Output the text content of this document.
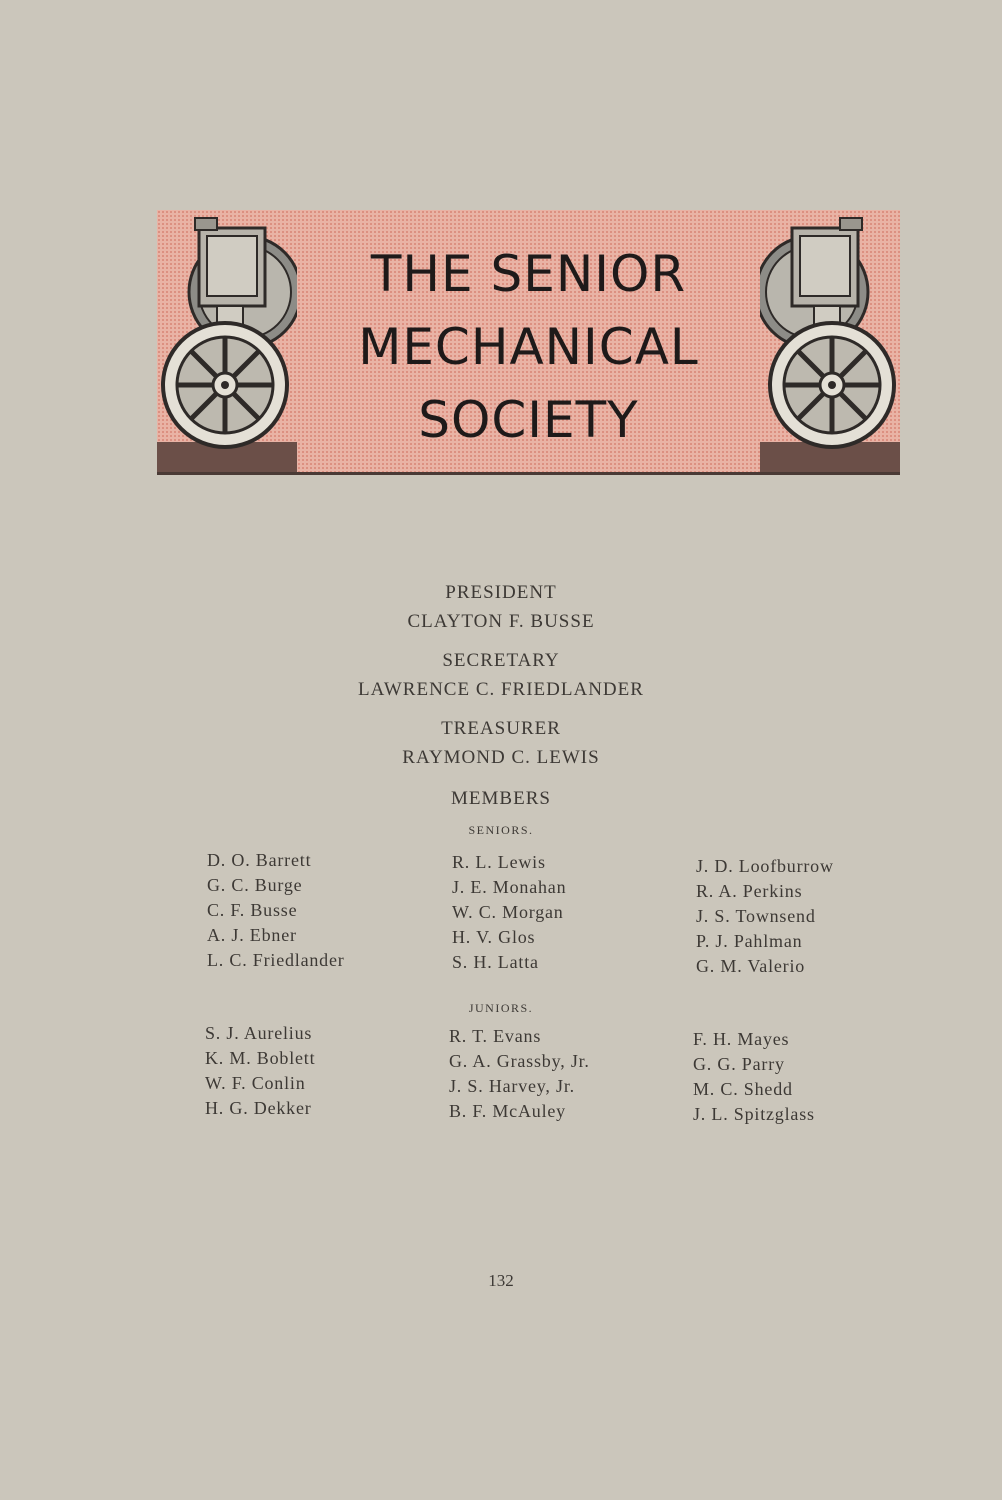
THE SENIOR
MECHANICAL
SOCIETY
PRESIDENT
CLAYTON F. BUSSE
SECRETARY
LAWRENCE C. FRIEDLANDER
TREASURER
RAYMOND C. LEWIS
MEMBERS
SENIORS.
D. O. Barrett
G. C. Burge
C. F. Busse
A. J. Ebner
L. C. Friedlander
R. L. Lewis
J. E. Monahan
W. C. Morgan
H. V. Glos
S. H. Latta
J. D. Loofburrow
R. A. Perkins
J. S. Townsend
P. J. Pahlman
G. M. Valerio
JUNIORS.
S. J. Aurelius
K. M. Boblett
W. F. Conlin
H. G. Dekker
R. T. Evans
G. A. Grassby, Jr.
J. S. Harvey, Jr.
B. F. McAuley
F. H. Mayes
G. G. Parry
M. C. Shedd
J. L. Spitzglass
132
